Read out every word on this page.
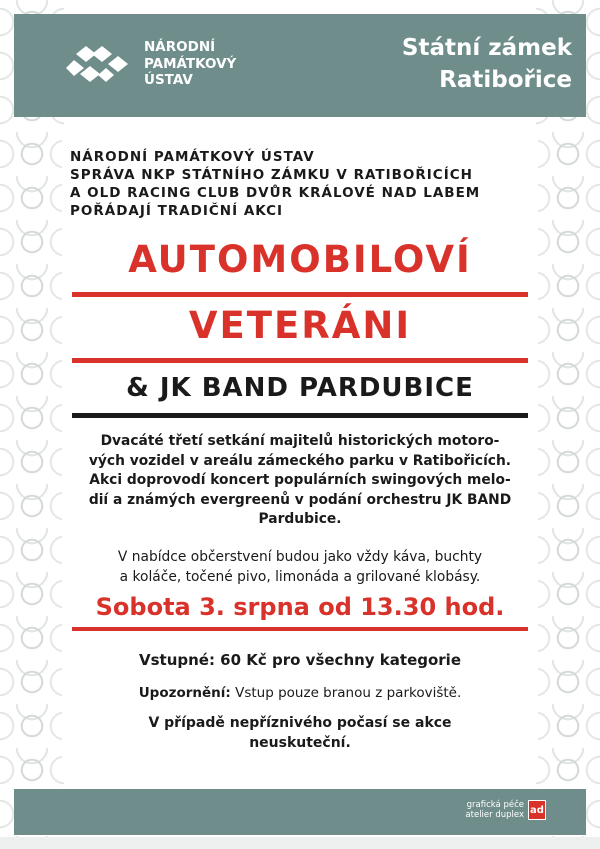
NÁRODNÍ
PAMÁTKOVÝ
ÚSTAV
Státní zámek
Ratibořice
NÁRODNÍ PAMÁTKOVÝ ÚSTAV
SPRÁVA NKP STÁTNÍHO ZÁMKU V RATIBOŘICÍCH
A OLD RACING CLUB DVŮR KRÁLOVÉ NAD LABEM
POŘÁDAJÍ TRADIČNÍ AKCI
AUTOMOBILOVÍ
VETERÁNI
& JK BAND PARDUBICE
Dvacáté třetí setkání majitelů historických motoro-
vých vozidel v areálu zámeckého parku v Ratibořicích.
Akci doprovodí koncert populárních swingových melo-
dií a známých evergreenů v podání orchestru JK BAND
Pardubice.
V nabídce občerstvení budou jako vždy káva, buchty
a koláče, točené pivo, limonáda a grilované klobásy.
Sobota 3. srpna od 13.30 hod.
Vstupné: 60 Kč pro všechny kategorie
Upozornění: Vstup pouze branou z parkoviště.
V případě nepříznivého počasí se akce
neuskuteční.
grafická péče
atelier duplex ad
